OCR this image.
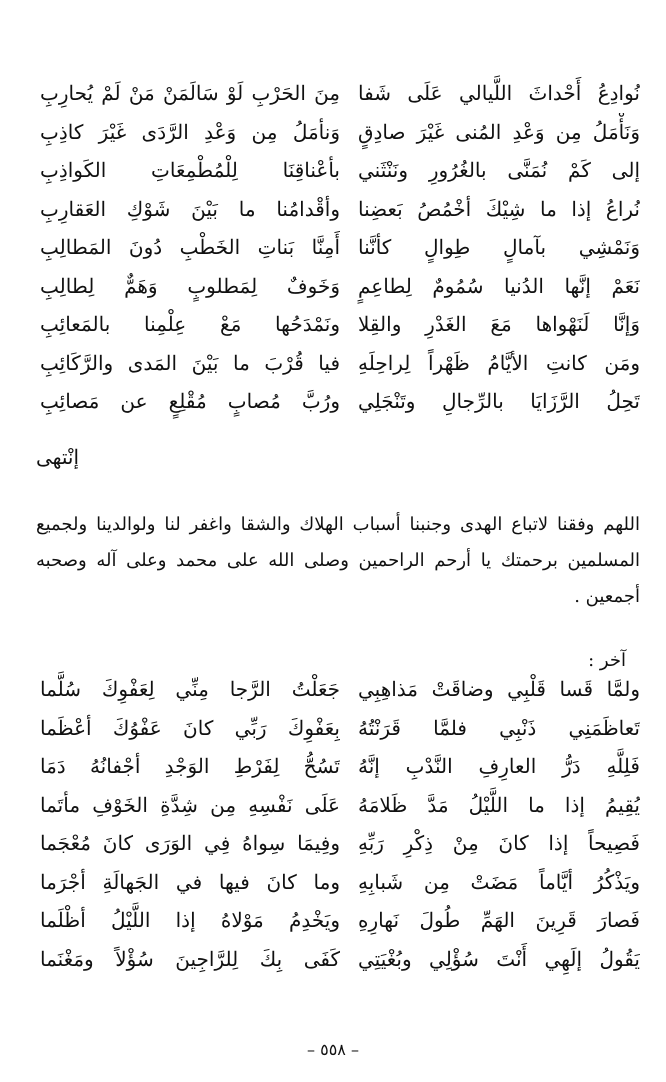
نُوادِعُ أَحْداثَ اللَّيالي عَلَى شَفا
مِنَ الحَرْبِ لَوْ سَالَمَنْ مَنْ لَمْ يُحارِبِ
وَنَأْمَلُ مِن وَعْدِ المُنى غَيْرَ صادِقٍ
وَنأمَلُ مِن وَعْدِ الرَّدَى غَيْرَ كاذِبِ
إلى كَمْ نُمَنَّى بالغُرُورِ ونَنْثَني
بأعْناقِنَا لِلْمُطْمِعَاتِ الكَواذِبِ
نُراعُ إذا ما شِيْكَ أخْمُصُ بَعضِنا
وأقْدامُنا ما بَيْنَ شَوْكِ العَقارِبِ
وَنَمْشِي بآمالٍ طِوالٍ كأنَّنا
أَمِنَّا بَناتِ الخَطْبِ دُونَ المَطالِبِ
نَعَمْ إنَّها الدُنيا سُمُومٌ لِطاعِمٍ
وَخَوفٌ لِمَطلوبٍ وَهَمٌّ لِطالِبِ
وَإنَّا لَنَهْواها مَعَ الغَدْرِ والقِلا
ونَمْدَحُها مَعْ عِلْمِنا بالمَعائِبِ
ومَن كانتِ الأيَّامُ ظَهْراً لِراحِلَهِ
فيا قُرْبَ ما بَيْنَ المَدى والرَّكَائِبِ
تَحِلُ الرَّزَايَا بالرِّجالِ وتَنْجَلِي
ورُبَّ مُصابٍ مُقْلِعٍ عن مَصائِبِ
إنْتهى
اللهم وفقنا لاتباع الهدى وجنبنا أسباب الهلاك والشقا واغفر لنا ولوالدينا ولجميع المسلمين برحمتك يا أرحم الراحمين وصلى الله على محمد وعلى آله وصحبه أجمعين .
آخر :
ولمَّا قَسا قَلْبِي وضاقَتْ مَذاهِبِي
جَعَلْتُ الرَّجا مِنِّي لِعَفْوِكَ سُلَّما
تَعاظَمَنِي ذَنْبِي فلمَّا قَرَنْتُهُ
بِعَفْوِكَ رَبِّي كانَ عَفْوُكَ أعْظَما
فَلِلَّهِ دَرُّ العارِفِ النَّدْبِ إنَّهُ
تَسُحُّ لِفَرْطِ الوَجْدِ أجْفانُهُ دَمَا
يُقِيمُ إذا ما اللَّيْلُ مَدَّ ظَلامَهُ
عَلَى نَفْسِهِ مِن شِدَّةِ الخَوْفِ مأتَما
فَصِيحاً إذا كانَ مِنْ ذِكْرِ رَبِّهِ
وفِيمَا سِواهُ فِي الوَرَى كانَ مُعْجَما
ويَذْكُرُ أيَّاماً مَضَتْ مِن شَبابِهِ
وما كانَ فيها في الجَهالَةِ أجْرَما
فَصارَ قَرِينَ الهَمِّ طُولَ نَهارِهِ
ويَخْدِمُ مَوْلاهُ إذا اللَّيْلُ أظْلَما
يَقُولُ إلَهِي أَنْتَ سُؤْلِي وبُغْيَتِي
كَفَى بِكَ لِلرَّاجِينَ سُؤْلاً ومَغْنَما
– ٥٥٨ –
